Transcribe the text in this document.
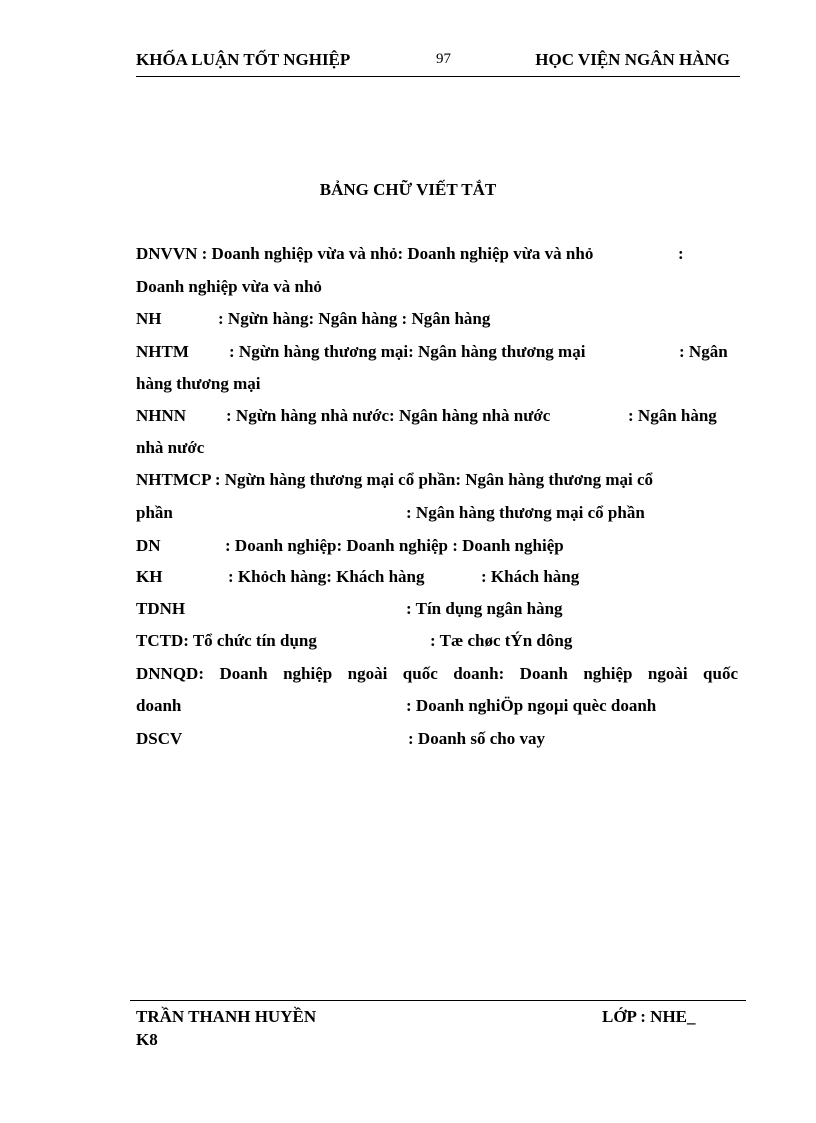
KHỐA LUẬN TỐT NGHIỆP	97	HỌC VIỆN NGÂN HÀNG
BẢNG CHỮ VIẾT TẮT
DNVVN : Doanh nghiệp vừa và nhỏ: Doanh nghiệp vừa và nhỏ	:
Doanh nghiệp vừa và nhỏ
NH	: Ngừn hàng: Ngân hàng : Ngân hàng
NHTM : Ngừn hàng thương mại: Ngân hàng thương mại	: Ngân
hàng thương mại
NHNN : Ngừn hàng nhà nước: Ngân hàng nhà nước	: Ngân hàng
nhà nước
NHTMCP : Ngừn hàng thương mại cổ phần: Ngân hàng thương mại cổ
phần	: Ngân hàng thương mại cổ phần
DN	: Doanh nghiệp: Doanh nghiệp : Doanh nghiệp
KH	: Khỏch hàng: Khách hàng	: Khách hàng
TDNH	: Tín dụng ngân hàng
TCTD: Tổ chức tín dụng	: Tæ chøc tÝn dông
DNNQD: Doanh nghiệp ngoài quốc doanh: Doanh nghiệp ngoài quốc
doanh	: Doanh nghiÖp ngoµi quèc doanh
DSCV	: Doanh số cho vay
TRẦN THANH HUYỀN	LỚP : NHE_
K8
